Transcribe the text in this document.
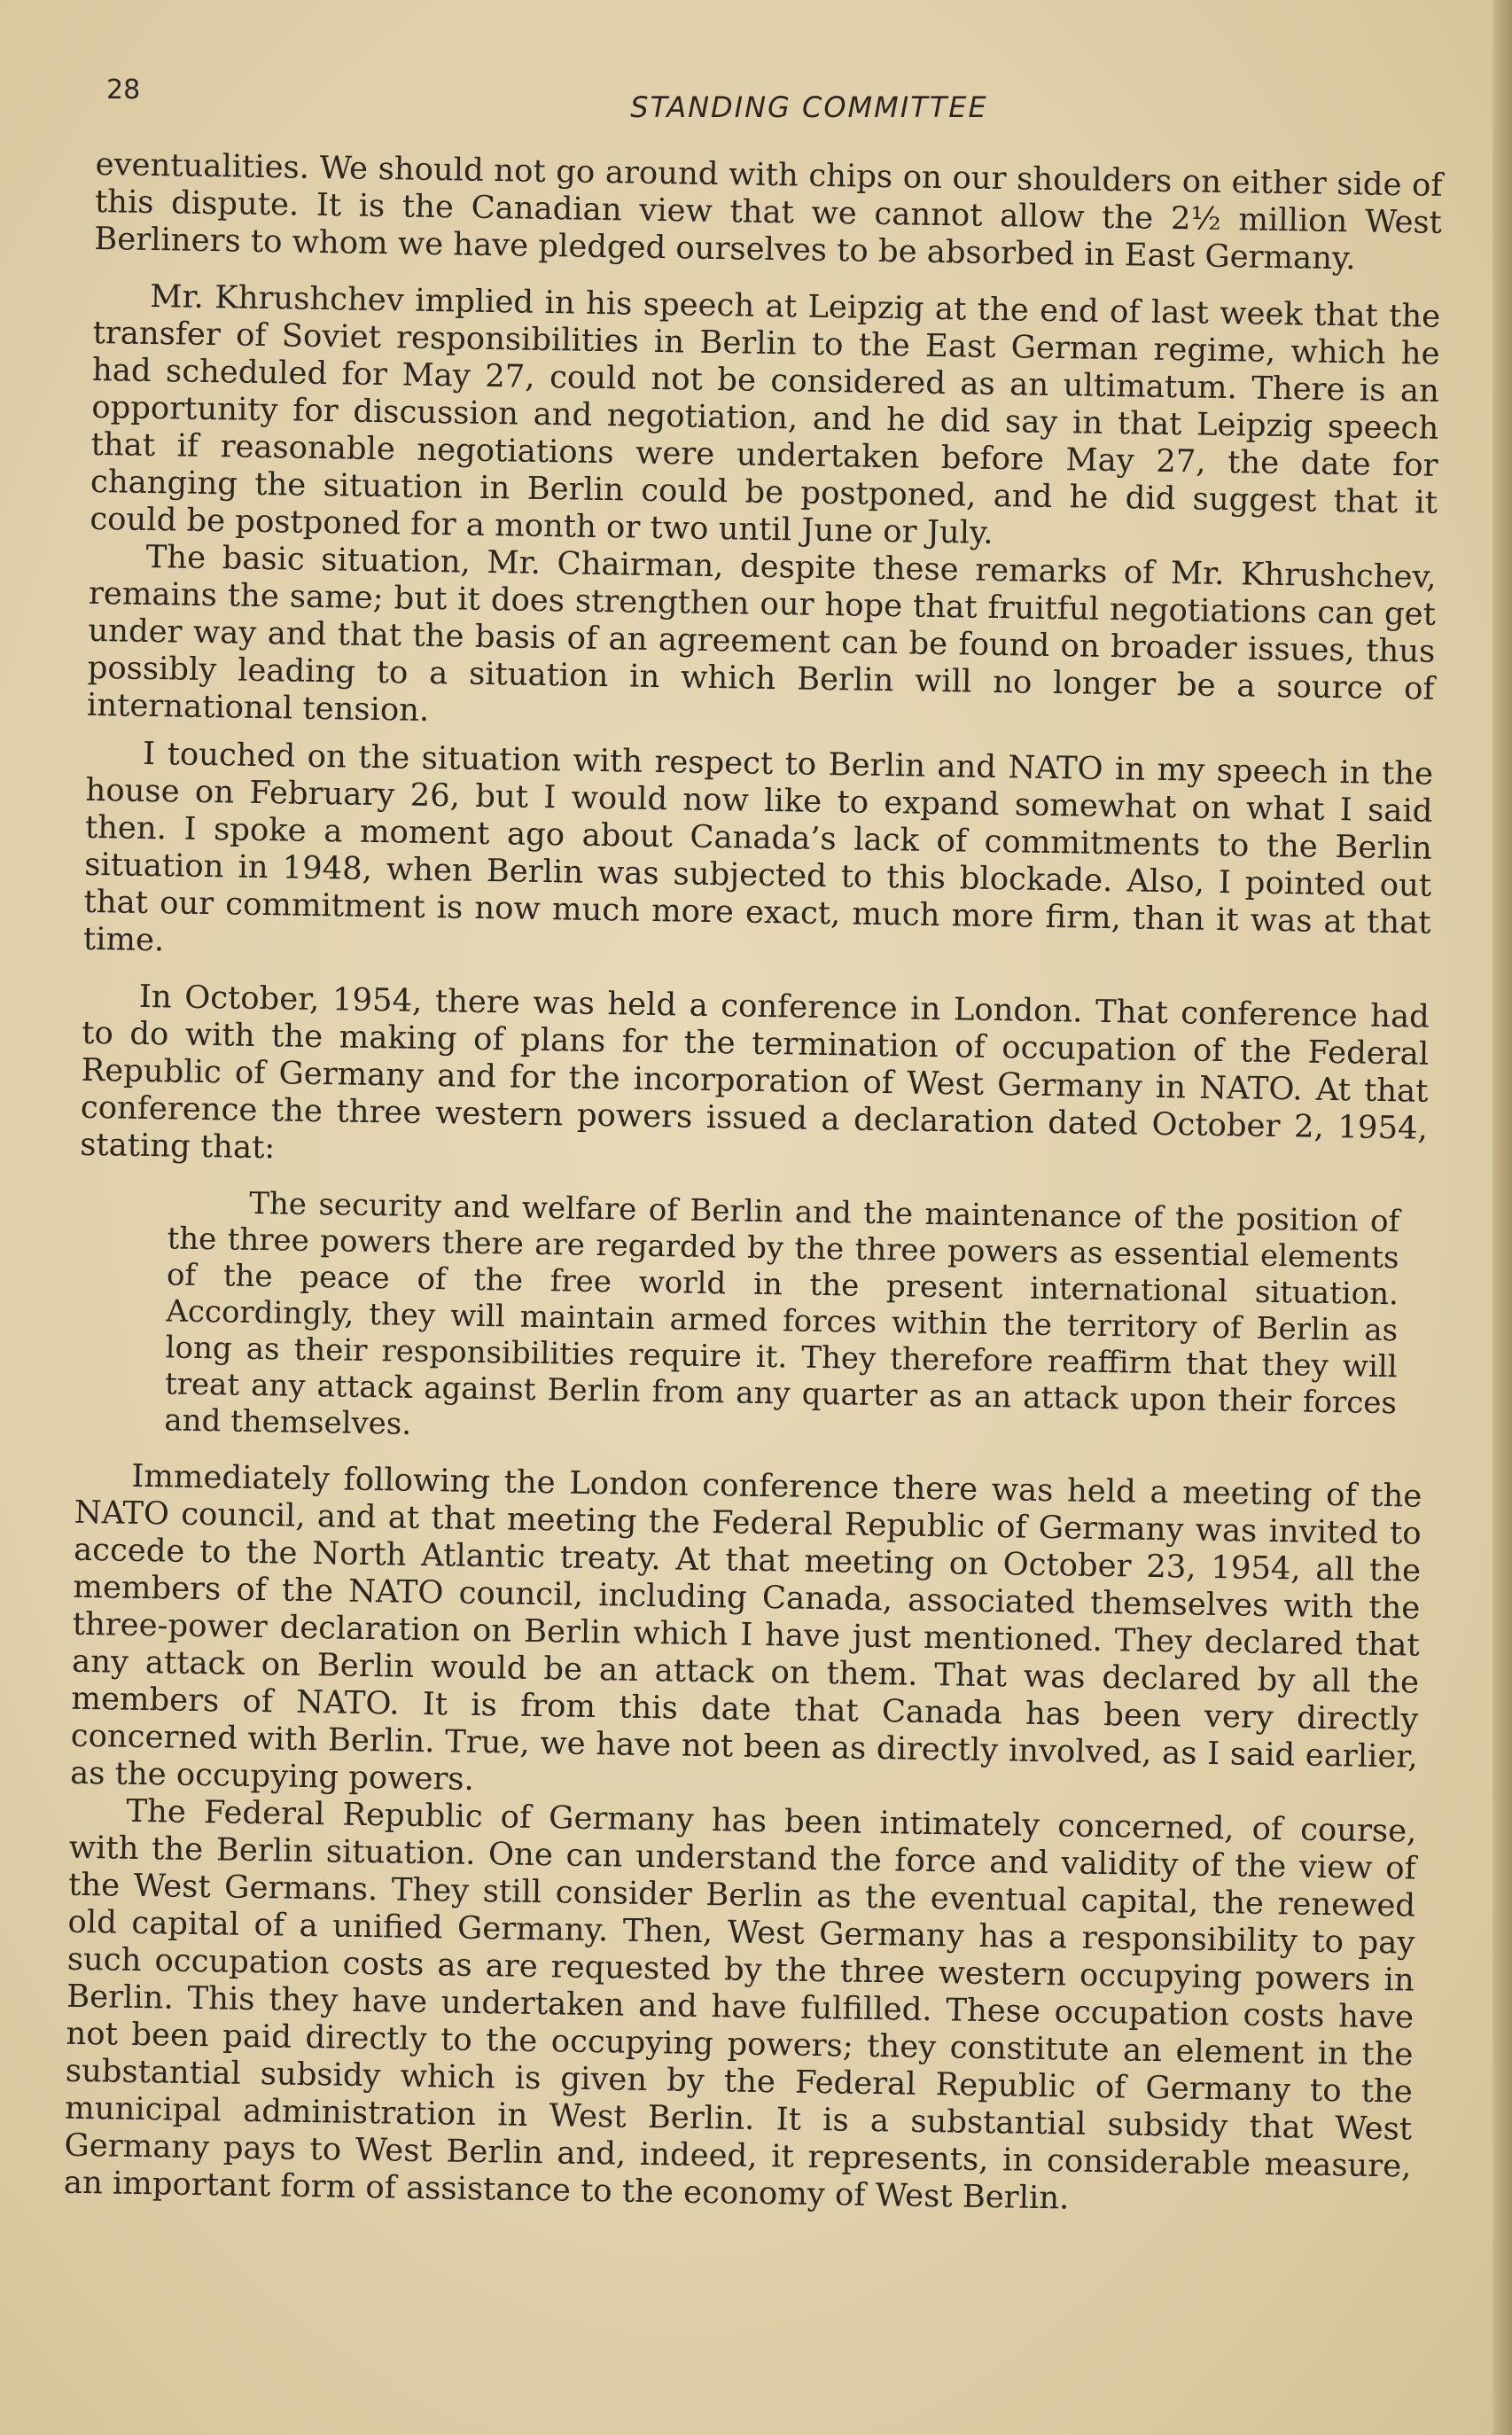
28
STANDING COMMITTEE

eventualities. We should not go around with chips on our shoulders on either side of this dispute. It is the Canadian view that we cannot allow the 2½ million West Berliners to whom we have pledged ourselves to be absorbed in East Germany.

Mr. Khrushchev implied in his speech at Leipzig at the end of last week that the transfer of Soviet responsibilities in Berlin to the East German regime, which he had scheduled for May 27, could not be considered as an ultimatum. There is an opportunity for discussion and negotiation, and he did say in that Leipzig speech that if reasonable negotiations were undertaken before May 27, the date for changing the situation in Berlin could be postponed, and he did suggest that it could be postponed for a month or two until June or July.

The basic situation, Mr. Chairman, despite these remarks of Mr. Khrushchev, remains the same; but it does strengthen our hope that fruitful negotiations can get under way and that the basis of an agreement can be found on broader issues, thus possibly leading to a situation in which Berlin will no longer be a source of international tension.

I touched on the situation with respect to Berlin and NATO in my speech in the house on February 26, but I would now like to expand somewhat on what I said then. I spoke a moment ago about Canada’s lack of commitments to the Berlin situation in 1948, when Berlin was subjected to this blockade. Also, I pointed out that our commitment is now much more exact, much more firm, than it was at that time.

In October, 1954, there was held a conference in London. That conference had to do with the making of plans for the termination of occupation of the Federal Republic of Germany and for the incorporation of West Germany in NATO. At that conference the three western powers issued a declaration dated October 2, 1954, stating that:

The security and welfare of Berlin and the maintenance of the position of the three powers there are regarded by the three powers as essential elements of the peace of the free world in the present international situation. Accordingly, they will maintain armed forces within the territory of Berlin as long as their responsibilities require it. They therefore reaffirm that they will treat any attack against Berlin from any quarter as an attack upon their forces and themselves.

Immediately following the London conference there was held a meeting of the NATO council, and at that meeting the Federal Republic of Germany was invited to accede to the North Atlantic treaty. At that meeting on October 23, 1954, all the members of the NATO council, including Canada, associated themselves with the three-power declaration on Berlin which I have just mentioned. They declared that any attack on Berlin would be an attack on them. That was declared by all the members of NATO. It is from this date that Canada has been very directly concerned with Berlin. True, we have not been as directly involved, as I said earlier, as the occupying powers.

The Federal Republic of Germany has been intimately concerned, of course, with the Berlin situation. One can understand the force and validity of the view of the West Germans. They still consider Berlin as the eventual capital, the renewed old capital of a unified Germany. Then, West Germany has a responsibility to pay such occupation costs as are requested by the three western occupying powers in Berlin. This they have undertaken and have fulfilled. These occupation costs have not been paid directly to the occupying powers; they constitute an element in the substantial subsidy which is given by the Federal Republic of Germany to the municipal administration in West Berlin. It is a substantial subsidy that West Germany pays to West Berlin and, indeed, it represents, in considerable measure, an important form of assistance to the economy of West Berlin.
